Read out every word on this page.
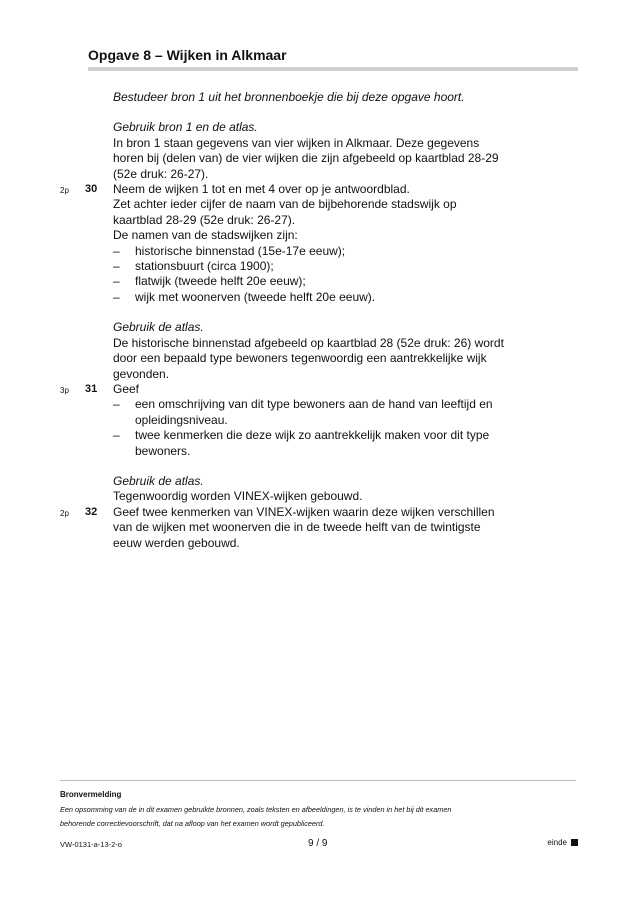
Opgave 8 – Wijken in Alkmaar

Bestudeer bron 1 uit het bronnenboekje die bij deze opgave hoort.

Gebruik bron 1 en de atlas.

In bron 1 staan gegevens van vier wijken in Alkmaar. Deze gegevens

horen bij (delen van) de vier wijken die zijn afgebeeld op kaartblad 28-29

(52e druk: 26-27).

2p 30 Neem de wijken 1 tot en met 4 over op je antwoordblad.

Zet achter ieder cijfer de naam van de bijbehorende stadswijk op

kaartblad 28-29 (52e druk: 26-27).

De namen van de stadswijken zijn:

– historische binnenstad (15e-17e eeuw);
– stationsbuurt (circa 1900);
– flatwijk (tweede helft 20e eeuw);
– wijk met woonerven (tweede helft 20e eeuw).

Gebruik de atlas.

De historische binnenstad afgebeeld op kaartblad 28 (52e druk: 26) wordt

door een bepaald type bewoners tegenwoordig een aantrekkelijke wijk

gevonden.

3p 31 Geef

– een omschrijving van dit type bewoners aan de hand van leeftijd en
opleidingsniveau.
– twee kenmerken die deze wijk zo aantrekkelijk maken voor dit type
bewoners.

Gebruik de atlas.

Tegenwoordig worden VINEX-wijken gebouwd.

2p 32 Geef twee kenmerken van VINEX-wijken waarin deze wijken verschillen

van de wijken met woonerven die in de tweede helft van de twintigste

eeuw werden gebouwd.

Bronvermelding
Een opsomming van de in dit examen gebruikte bronnen, zoals teksten en afbeeldingen, is te vinden in het bij dit examen
behorende correctievoorschrift, dat na afloop van het examen wordt gepubliceerd.
VW-0131-a-13-2-o	9 / 9	einde
